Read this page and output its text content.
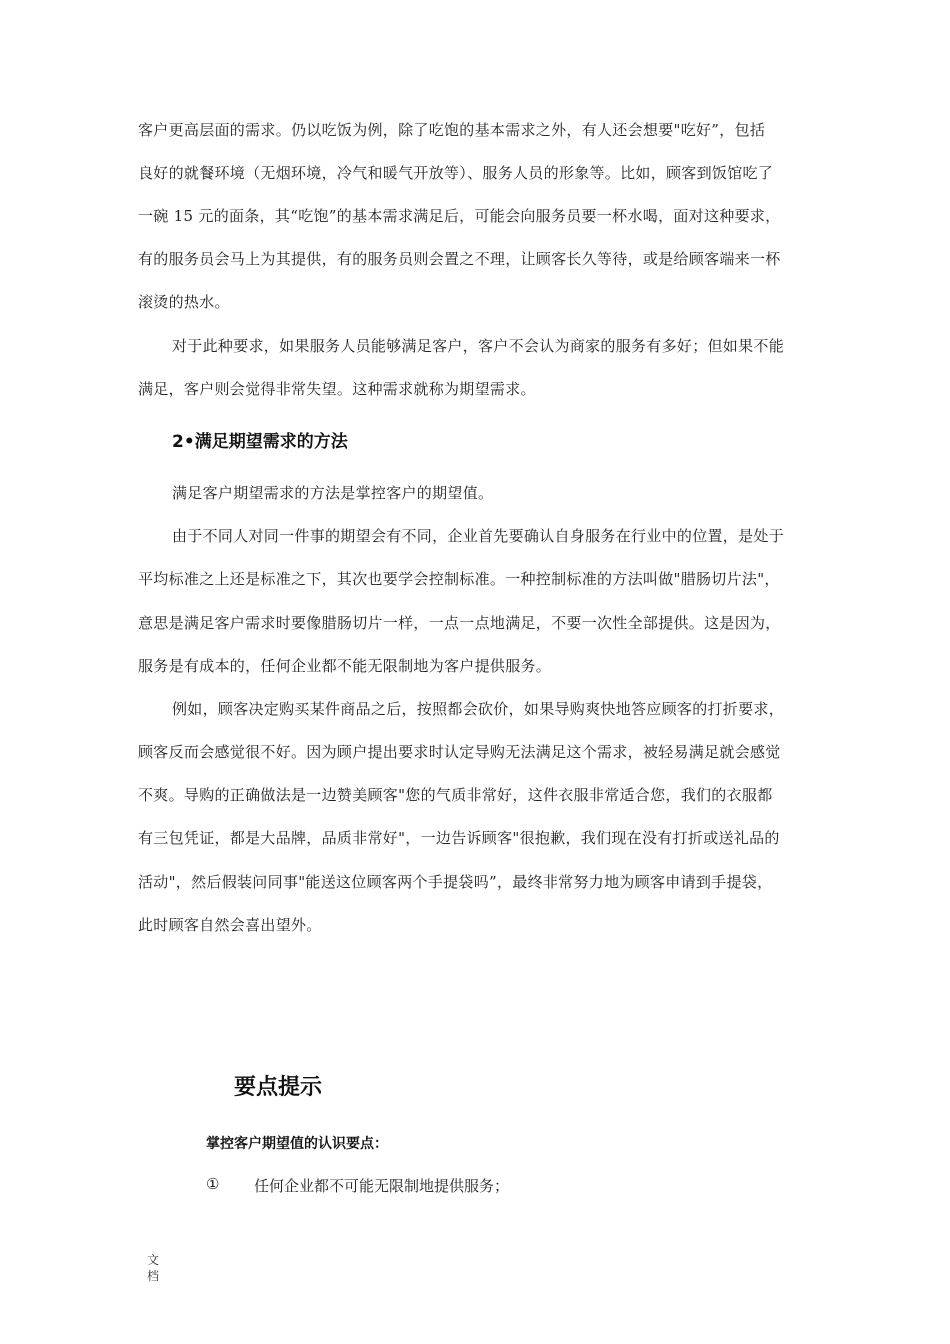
客户更高层面的需求。仍以吃饭为例，除了吃饱的基本需求之外，有人还会想要"吃好”，包括
良好的就餐环境（无烟环境，冷气和暖气开放等）、服务人员的形象等。比如，顾客到饭馆吃了
一碗 15 元的面条，其“吃饱”的基本需求满足后，可能会向服务员要一杯水喝，面对这种要求，
有的服务员会马上为其提供，有的服务员则会置之不理，让顾客长久等待，或是给顾客端来一杯
滚烫的热水。
对于此种要求，如果服务人员能够满足客户，客户不会认为商家的服务有多好；但如果不能
满足，客户则会觉得非常失望。这种需求就称为期望需求。
2•满足期望需求的方法
满足客户期望需求的方法是掌控客户的期望值。
由于不同人对同一件事的期望会有不同，企业首先要确认自身服务在行业中的位置，是处于
平均标准之上还是标准之下，其次也要学会控制标准。一种控制标准的方法叫做"腊肠切片法"，
意思是满足客户需求时要像腊肠切片一样，一点一点地满足，不要一次性全部提供。这是因为，
服务是有成本的，任何企业都不能无限制地为客户提供服务。
例如，顾客决定购买某件商品之后，按照都会砍价，如果导购爽快地答应顾客的打折要求，
顾客反而会感觉很不好。因为顾户提出要求时认定导购无法满足这个需求，被轻易满足就会感觉
不爽。导购的正确做法是一边赞美顾客"您的气质非常好，这件衣服非常适合您，我们的衣服都
有三包凭证，都是大品牌，品质非常好"，一边告诉顾客"很抱歉，我们现在没有打折或送礼品的
活动"，然后假装问同事"能送这位顾客两个手提袋吗”，最终非常努力地为顾客申请到手提袋，
此时顾客自然会喜出望外。
要点提示
掌控客户期望值的认识要点：
① 任何企业都不可能无限制地提供服务；
文
档
